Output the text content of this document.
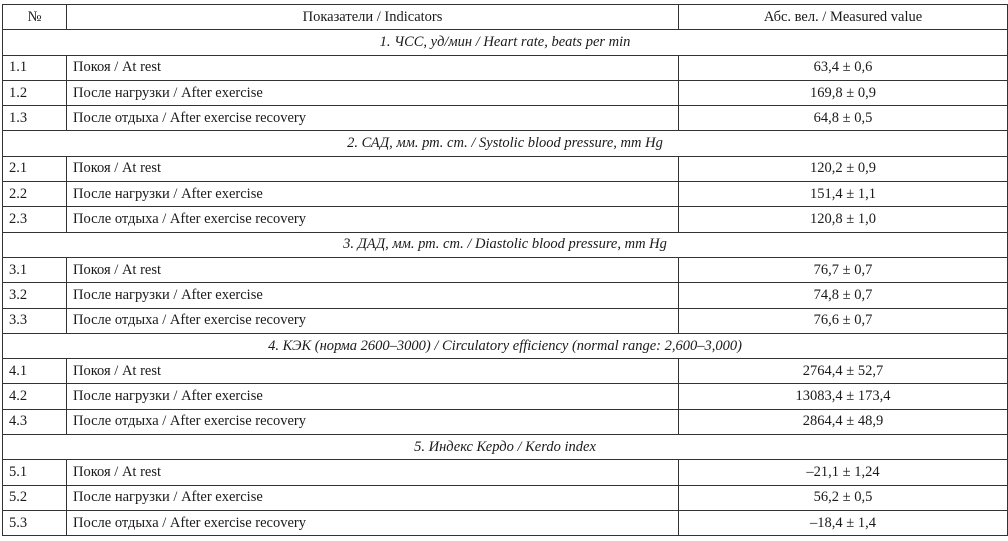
№	Показатели / Indicators	Абс. вел. / Measured value
1. ЧСС, уд/мин / Heart rate, beats per min		
1.1	Покоя / At rest	63,4 ± 0,6
1.2	После нагрузки / After exercise	169,8 ± 0,9
1.3	После отдыха / After exercise recovery	64,8 ± 0,5
2. САД, мм. рт. ст. / Systolic blood pressure, mm Hg		
2.1	Покоя / At rest	120,2 ± 0,9
2.2	После нагрузки / After exercise	151,4 ± 1,1
2.3	После отдыха / After exercise recovery	120,8 ± 1,0
3. ДАД, мм. рт. ст. / Diastolic blood pressure, mm Hg		
3.1	Покоя / At rest	76,7 ± 0,7
3.2	После нагрузки / After exercise	74,8 ± 0,7
3.3	После отдыха / After exercise recovery	76,6 ± 0,7
4. КЭК (норма 2600–3000) / Circulatory efficiency (normal range: 2,600–3,000)		
4.1	Покоя / At rest	2764,4 ± 52,7
4.2	После нагрузки / After exercise	13083,4 ± 173,4
4.3	После отдыха / After exercise recovery	2864,4 ± 48,9
5. Индекс Кердо / Kerdo index		
5.1	Покоя / At rest	–21,1 ± 1,24
5.2	После нагрузки / After exercise	56,2 ± 0,5
5.3	После отдыха / After exercise recovery	–18,4 ± 1,4
